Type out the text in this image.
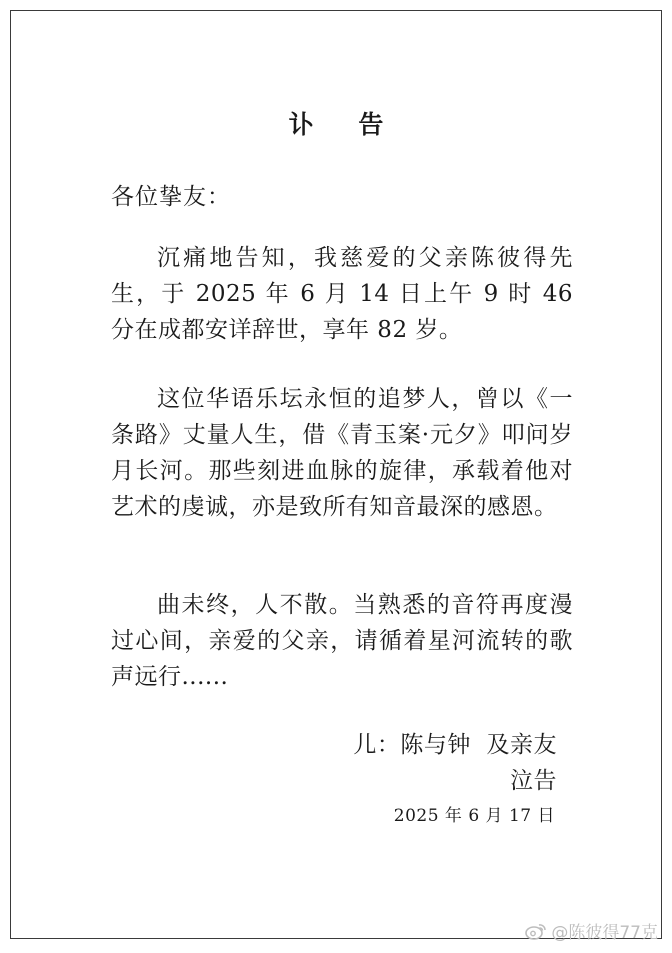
讣 告
各位挚友：
沉痛地告知，我慈爱的父亲陈彼得先生，于 2025 年 6 月 14 日上午 9 时 46 分在成都安详辞世，享年 82 岁。
这位华语乐坛永恒的追梦人，曾以《一条路》丈量人生，借《青玉案·元夕》叩问岁月长河。那些刻进血脉的旋律，承载着他对艺术的虔诚，亦是致所有知音最深的感恩。
曲未终，人不散。当熟悉的音符再度漫过心间，亲爱的父亲，请循着星河流转的歌声远行......
儿：陈与钟  及亲友
泣告
2025 年 6 月 17 日
@陈彼得77克
